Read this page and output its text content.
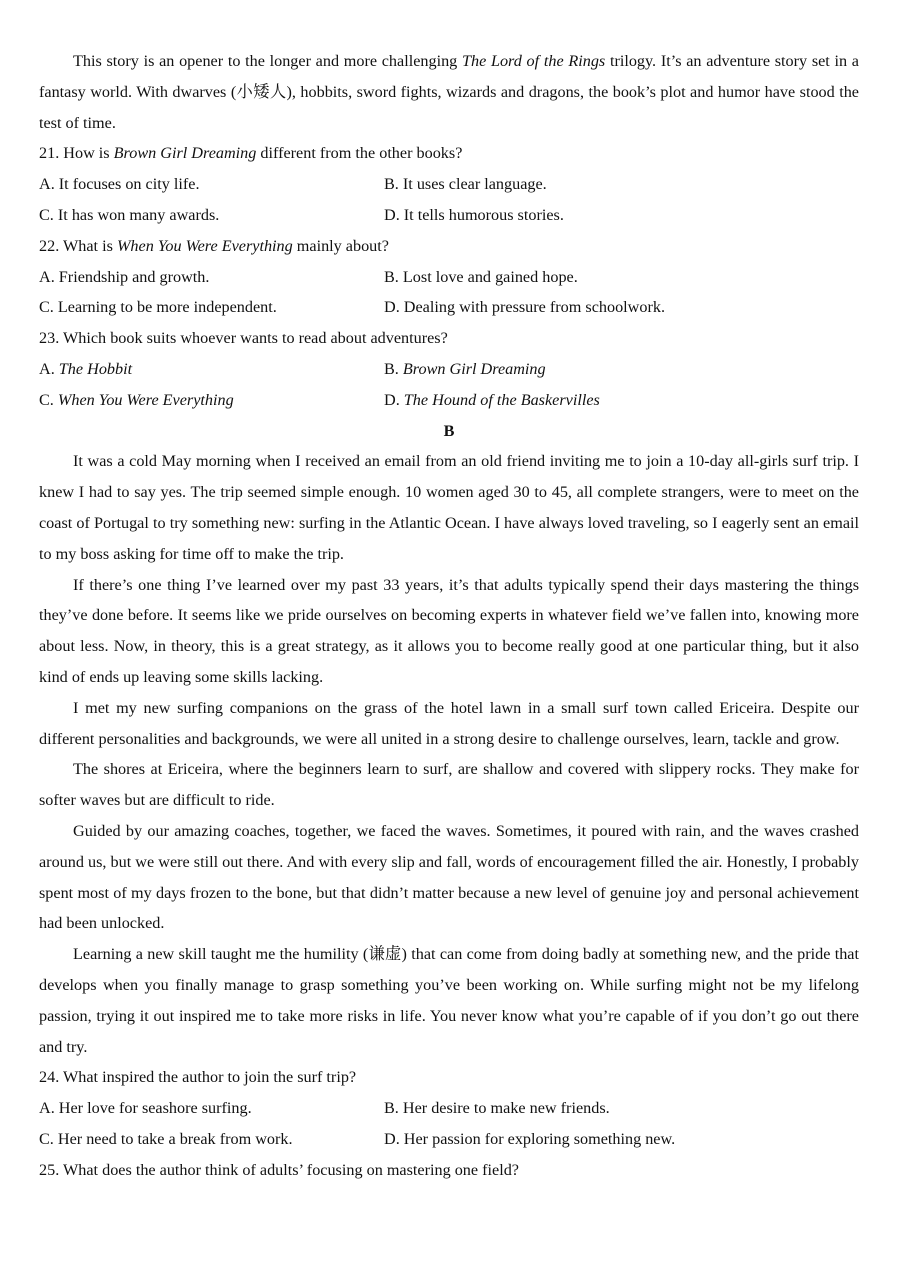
This story is an opener to the longer and more challenging The Lord of the Rings trilogy. It’s an adventure story set in a fantasy world. With dwarves (小矮人), hobbits, sword fights, wizards and dragons, the book’s plot and humor have stood the test of time.

21. How is Brown Girl Dreaming different from the other books?

A. It focuses on city life.	B. It uses clear language.
C. It has won many awards.	D. It tells humorous stories.

22. What is When You Were Everything mainly about?

A. Friendship and growth.	B. Lost love and gained hope.
C. Learning to be more independent.	D. Dealing with pressure from schoolwork.

23. Which book suits whoever wants to read about adventures?

A. The Hobbit	B. Brown Girl Dreaming
C. When You Were Everything	D. The Hound of the Baskervilles
B

It was a cold May morning when I received an email from an old friend inviting me to join a 10-day all-girls surf trip. I knew I had to say yes. The trip seemed simple enough. 10 women aged 30 to 45, all complete strangers, were to meet on the coast of Portugal to try something new: surfing in the Atlantic Ocean. I have always loved traveling, so I eagerly sent an email to my boss asking for time off to make the trip.

If there’s one thing I’ve learned over my past 33 years, it’s that adults typically spend their days mastering the things they’ve done before. It seems like we pride ourselves on becoming experts in whatever field we’ve fallen into, knowing more about less. Now, in theory, this is a great strategy, as it allows you to become really good at one particular thing, but it also kind of ends up leaving some skills lacking.

I met my new surfing companions on the grass of the hotel lawn in a small surf town called Ericeira. Despite our different personalities and backgrounds, we were all united in a strong desire to challenge ourselves, learn, tackle and grow.

The shores at Ericeira, where the beginners learn to surf, are shallow and covered with slippery rocks. They make for softer waves but are difficult to ride.

Guided by our amazing coaches, together, we faced the waves. Sometimes, it poured with rain, and the waves crashed around us, but we were still out there. And with every slip and fall, words of encouragement filled the air. Honestly, I probably spent most of my days frozen to the bone, but that didn’t matter because a new level of genuine joy and personal achievement had been unlocked.

Learning a new skill taught me the humility (谦虚) that can come from doing badly at something new, and the pride that develops when you finally manage to grasp something you’ve been working on. While surfing might not be my lifelong passion, trying it out inspired me to take more risks in life. You never know what you’re capable of if you don’t go out there and try.

24. What inspired the author to join the surf trip?

A. Her love for seashore surfing.	B. Her desire to make new friends.
C. Her need to take a break from work.	D. Her passion for exploring something new.

25. What does the author think of adults’ focusing on mastering one field?
